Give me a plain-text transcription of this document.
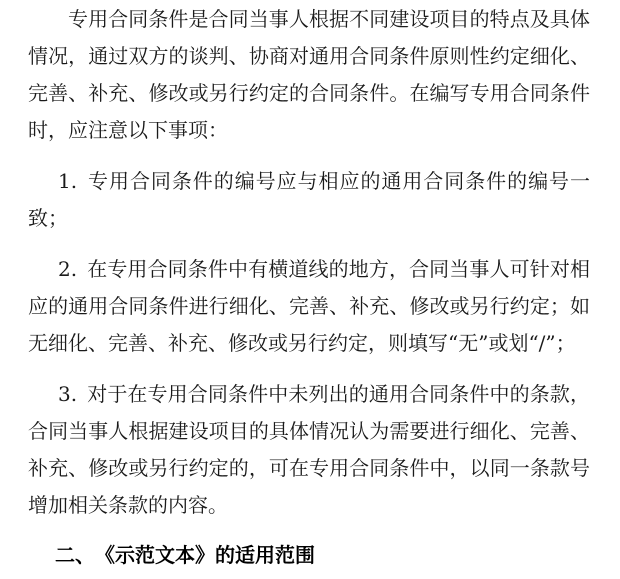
专用合同条件是合同当事人根据不同建设项目的特点及具体情况，通过双方的谈判、协商对通用合同条件原则性约定细化、完善、补充、修改或另行约定的合同条件。在编写专用合同条件时，应注意以下事项：

1. 专用合同条件的编号应与相应的通用合同条件的编号一致；

2. 在专用合同条件中有横道线的地方，合同当事人可针对相应的通用合同条件进行细化、完善、补充、修改或另行约定；如无细化、完善、补充、修改或另行约定，则填写“无”或划“/”；

3. 对于在专用合同条件中未列出的通用合同条件中的条款，合同当事人根据建设项目的具体情况认为需要进行细化、完善、补充、修改或另行约定的，可在专用合同条件中，以同一条款号增加相关条款的内容。

二、　《示范文本》的适用范围
